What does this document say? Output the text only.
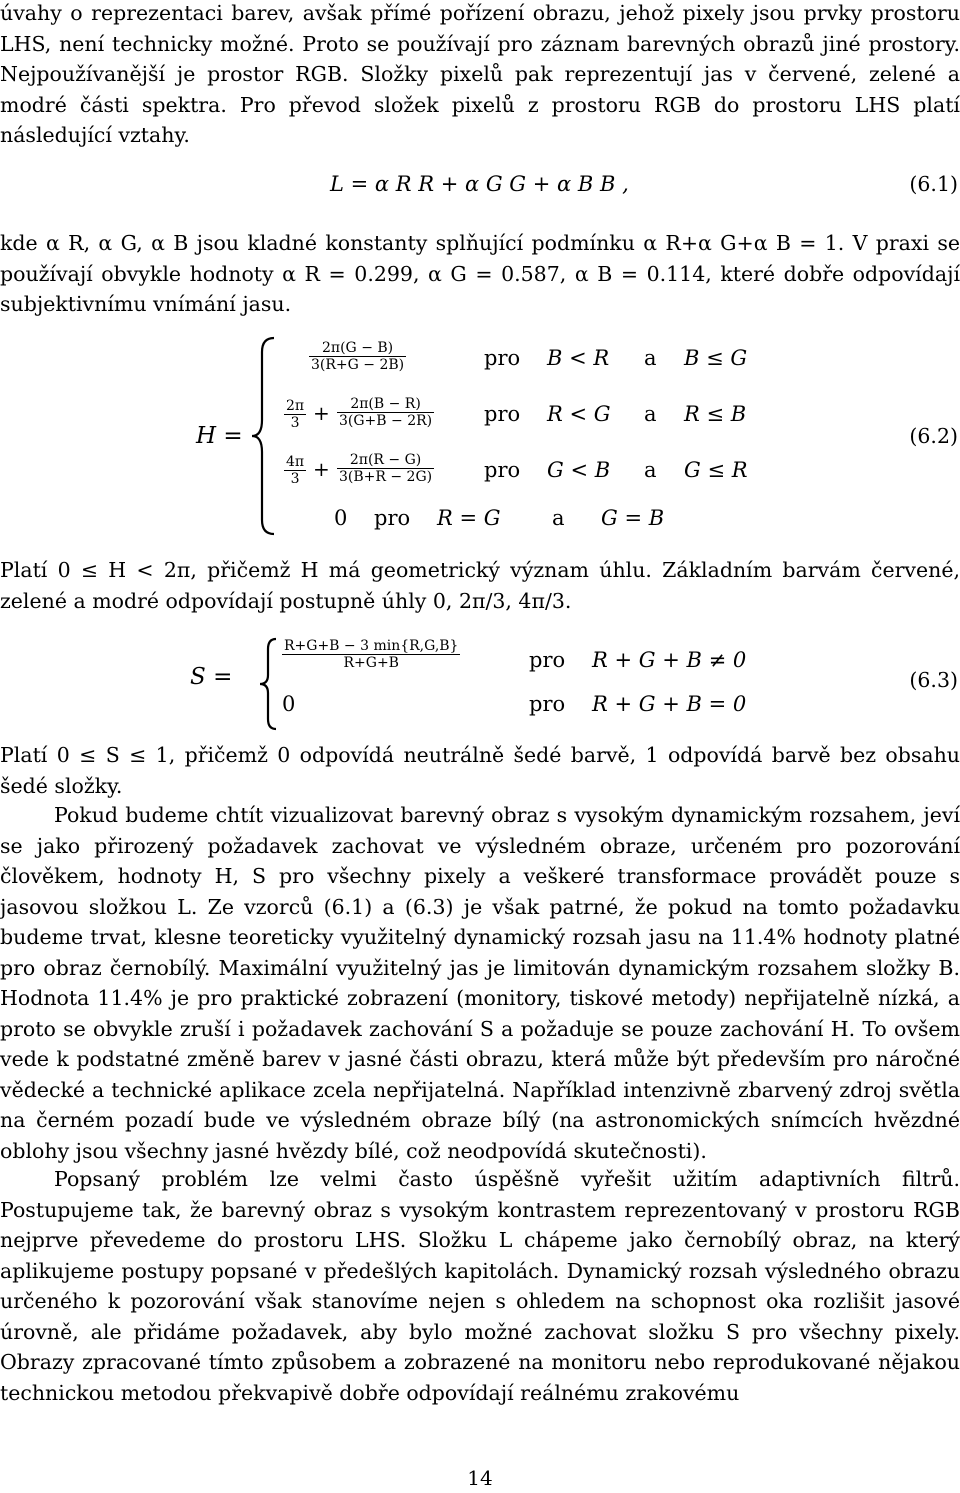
úvahy o reprezentaci barev, avšak přímé pořízení obrazu, jehož pixely jsou prvky prostoru LHS, není technicky možné. Proto se používají pro záznam barevných obrazů jiné prostory. Nejpoužívanější je prostor RGB. Složky pixelů pak reprezentují jas v červené, zelené a modré části spektra. Pro převod složek pixelů z prostoru RGB do prostoru LHS platí následující vztahy.

L = α R R + α G G + α B B ,	(6.1)

kde α R, α G, α B jsou kladné konstanty splňující podmínku α R+α G+α B = 1. V praxi se používají obvykle hodnoty α R = 0.299, α G = 0.587, α B = 0.114, které dobře odpovídají subjektivnímu vnímání jasu.

H =
$\frac{2\pi(G - B)}{3(R+G - 2B)}$	pro B < R a B ≤ G
$\frac{2\pi}{3} + \frac{2\pi(B - R)}{3(G+B - 2R)}$ pro R < G a R ≤ B
(6.2)
$\frac{4\pi}{3} + \frac{2\pi(R - G)}{3(B+R - 2G)}$ pro G < B a G ≤ R
0 pro R = G a G = B

Platí 0 ≤ H < 2π, přičemž H má geometrický význam úhlu. Základním barvám červené, zelené a modré odpovídají postupně úhly 0, 2π/3, 4π/3.

S =
R+G+B − 3 min{R,G,B}
R+G+B	pro R + G + B ≠ 0
(6.3)
0	pro R + G + B = 0

Platí 0 ≤ S ≤ 1, přičemž 0 odpovídá neutrálně šedé barvě, 1 odpovídá barvě bez obsahu šedé složky.

Pokud budeme chtít vizualizovat barevný obraz s vysokým dynamickým rozsahem, jeví se jako přirozený požadavek zachovat ve výsledném obraze, určeném pro pozorování člověkem, hodnoty H, S pro všechny pixely a veškeré transformace provádět pouze s jasovou složkou L. Ze vzorců (6.1) a (6.3) je však patrné, že pokud na tomto požadavku budeme trvat, klesne teoreticky využitelný dynamický rozsah jasu na 11.4% hodnoty platné pro obraz černobílý. Maximální využitelný jas je limitován dynamickým rozsahem složky B. Hodnota 11.4% je pro praktické zobrazení (monitory, tiskové metody) nepřijatelně nízká, a proto se obvykle zruší i požadavek zachování S a požaduje se pouze zachování H. To ovšem vede k podstatné změně barev v jasné části obrazu, která může být především pro náročné vědecké a technické aplikace zcela nepřijatelná. Například intenzivně zbarvený zdroj světla na černém pozadí bude ve výsledném obraze bílý (na astronomických snímcích hvězdné oblohy jsou všechny jasné hvězdy bílé, což neodpovídá skutečnosti).

Popsaný problém lze velmi často úspěšně vyřešit užitím adaptivních filtrů. Postupujeme tak, že barevný obraz s vysokým kontrastem reprezentovaný v prostoru RGB nejprve převedeme do prostoru LHS. Složku L chápeme jako černobílý obraz, na který aplikujeme postupy popsané v předešlých kapitolách. Dynamický rozsah výsledného obrazu určeného k pozorování však stanovíme nejen s ohledem na schopnost oka rozlišit jasové úrovně, ale přidáme požadavek, aby bylo možné zachovat složku S pro všechny pixely. Obrazy zpracované tímto způsobem a zobrazené na monitoru nebo reprodukované nějakou technickou metodou překvapivě dobře odpovídají reálnému zrakovému

14
